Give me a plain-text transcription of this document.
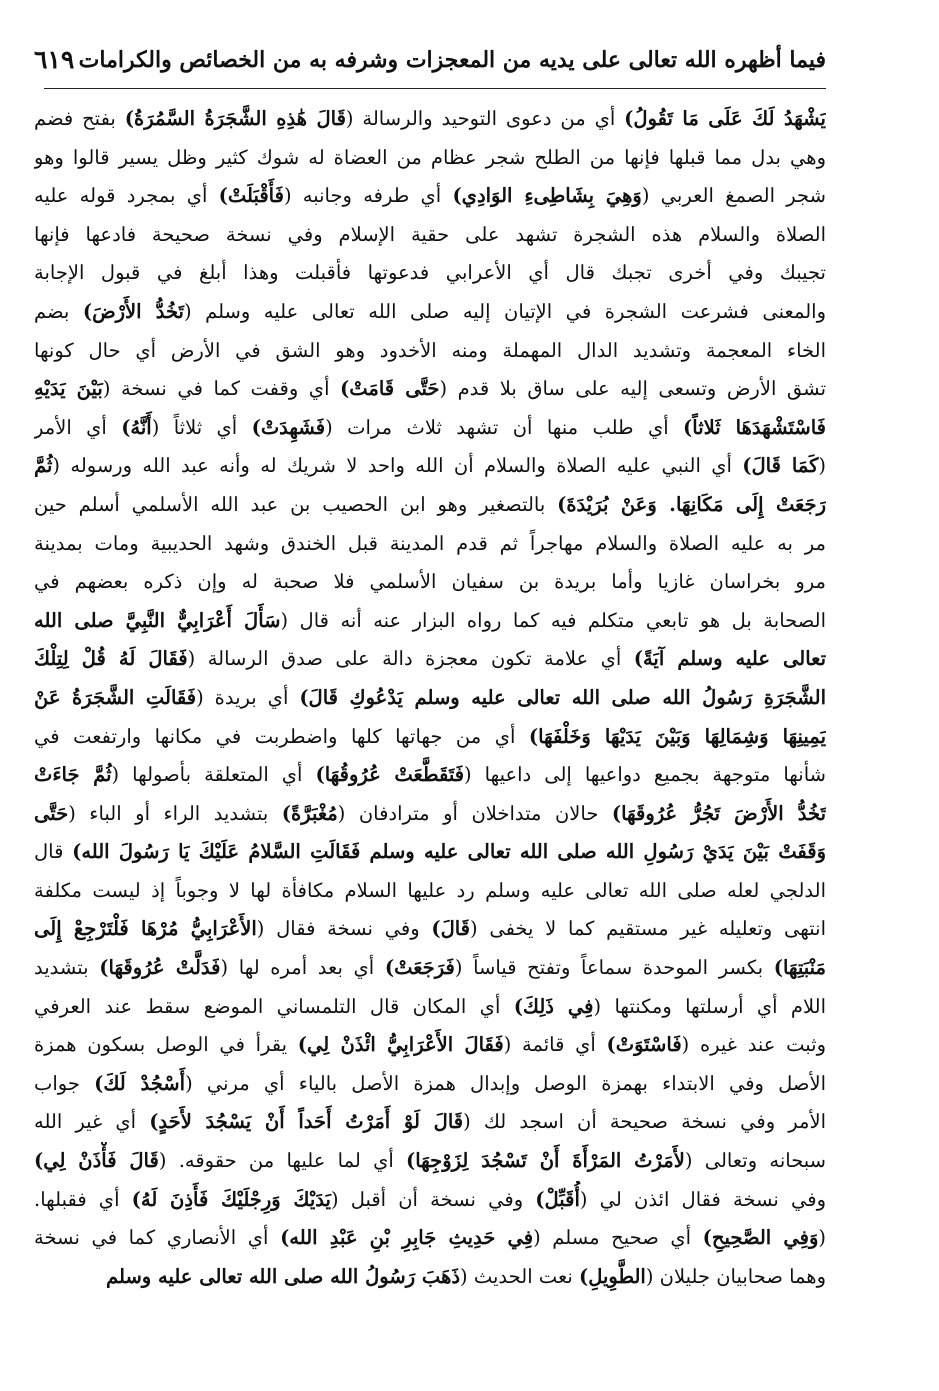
فيما أظهره الله تعالى على يديه من المعجزات وشرفه به من الخصائص والكرامات
٦١٩
يَشْهَدُ لَكَ عَلَى مَا تَقُولُ) أي من دعوى التوحيد والرسالة (قَالَ هَٰذِهِ الشَّجَرَةُ السَّمُرَةُ) بفتح فضم
وهي بدل مما قبلها فإنها من الطلح شجر عظام من العضاة له شوك كثير وظل يسير قالوا وهو
شجر الصمغ العربي (وَهِيَ بِشَاطِىءِ الوَادِي) أي طرفه وجانبه (فَأَقْبَلَتْ) أي بمجرد قوله عليه
الصلاة والسلام هذه الشجرة تشهد على حقية الإسلام وفي نسخة صحيحة فادعها فإنها
تجيبك وفي أخرى تجبك قال أي الأعرابي فدعوتها فأقبلت وهذا أبلغ في قبول الإجابة
والمعنى فشرعت الشجرة في الإتيان إليه صلى الله تعالى عليه وسلم (تَخُدُّ الأَرْضَ) بضم
الخاء المعجمة وتشديد الدال المهملة ومنه الأخدود وهو الشق في الأرض أي حال كونها
تشق الأرض وتسعى إليه على ساق بلا قدم (حَتَّى قَامَتْ) أي وقفت كما في نسخة (بَيْنَ يَدَيْهِ
فَاسْتَشْهَدَهَا ثَلاثاً) أي طلب منها أن تشهد ثلاث مرات (فَشَهِدَتْ) أي ثلاثاً (أَنَّهُ) أي الأمر
(كَمَا قَالَ) أي النبي عليه الصلاة والسلام أن الله واحد لا شريك له وأنه عبد الله ورسوله (ثُمَّ
رَجَعَتْ إِلَى مَكَانِهَا. وَعَنْ بُرَيْدَةَ) بالتصغير وهو ابن الحصيب بن عبد الله الأسلمي أسلم حين
مر به عليه الصلاة والسلام مهاجراً ثم قدم المدينة قبل الخندق وشهد الحديبية ومات بمدينة
مرو بخراسان غازيا وأما بريدة بن سفيان الأسلمي فلا صحبة له وإن ذكره بعضهم في
الصحابة بل هو تابعي متكلم فيه كما رواه البزار عنه أنه قال (سَأَلَ أَعْرَابِيٌّ النَّبِيَّ صلى الله
تعالى عليه وسلم آيَةً) أي علامة تكون معجزة دالة على صدق الرسالة (فَقَالَ لَهُ قُلْ لِتِلْكَ
الشَّجَرَةِ رَسُولُ الله صلى الله تعالى عليه وسلم يَدْعُوكِ قَالَ) أي بريدة (فَقَالَتِ الشَّجَرَةُ عَنْ
يَمِينِهَا وَشِمَالِهَا وَبَيْنَ يَدَيْهَا وَخَلْفَهَا) أي من جهاتها كلها واضطربت في مكانها وارتفعت في
شأنها متوجهة بجميع دواعيها إلى داعيها (فَتَقَطَّعَتْ عُرُوقُهَا) أي المتعلقة بأصولها (ثُمَّ جَاءَتْ
تَخُدُّ الأَرْضَ تَجُرُّ عُرُوقَهَا) حالان متداخلان أو مترادفان (مُغْبَرَّةً) بتشديد الراء أو الباء (حَتَّى
وَقَفَتْ بَيْنَ يَدَيْ رَسُولِ الله صلى الله تعالى عليه وسلم فَقَالَتِ السَّلامُ عَلَيْكَ يَا رَسُولَ الله) قال
الدلجي لعله صلى الله تعالى عليه وسلم رد عليها السلام مكافأة لها لا وجوباً إذ ليست مكلفة
انتهى وتعليله غير مستقيم كما لا يخفى (قَالَ) وفي نسخة فقال (الأَعْرَابِيُّ مُرْهَا فَلْتَرْجِعْ إِلَى
مَنْبَتِهَا) بكسر الموحدة سماعاً وتفتح قياساً (فَرَجَعَتْ) أي بعد أمره لها (فَدَلَّتْ عُرُوقَهَا) بتشديد
اللام أي أرسلتها ومكنتها (فِي ذَلِكَ) أي المكان قال التلمساني الموضع سقط عند العرفي
وثبت عند غيره (فَاسْتَوَتْ) أي قائمة (فَقَالَ الأَعْرَابِيُّ ائْذَنْ لِي) يقرأ في الوصل بسكون همزة
الأصل وفي الابتداء بهمزة الوصل وإبدال همزة الأصل بالياء أي مرني (أَسْجُدْ لَكَ) جواب
الأمر وفي نسخة صحيحة أن اسجد لك (قَالَ لَوْ أَمَرْتُ أَحَداً أَنْ يَسْجُدَ لأَحَدٍ) أي غير الله
سبحانه وتعالى (لأَمَرْتُ المَرْأَةَ أَنْ تَسْجُدَ لِزَوْجِهَا) أي لما عليها من حقوقه. (قَالَ فَأْذَنْ لِي)
وفي نسخة فقال ائذن لي (أُقَبِّلْ) وفي نسخة أن أقبل (يَدَيْكَ وَرِجْلَيْكَ فَأَذِنَ لَهُ) أي فقبلها.
(وَفِي الصَّحِيحِ) أي صحيح مسلم (فِي حَدِيثِ جَابِرِ بْنِ عَبْدِ الله) أي الأنصاري كما في نسخة
وهما صحابيان جليلان (الطَّوِيلِ) نعت الحديث (ذَهَبَ رَسُولُ الله صلى الله تعالى عليه وسلم
